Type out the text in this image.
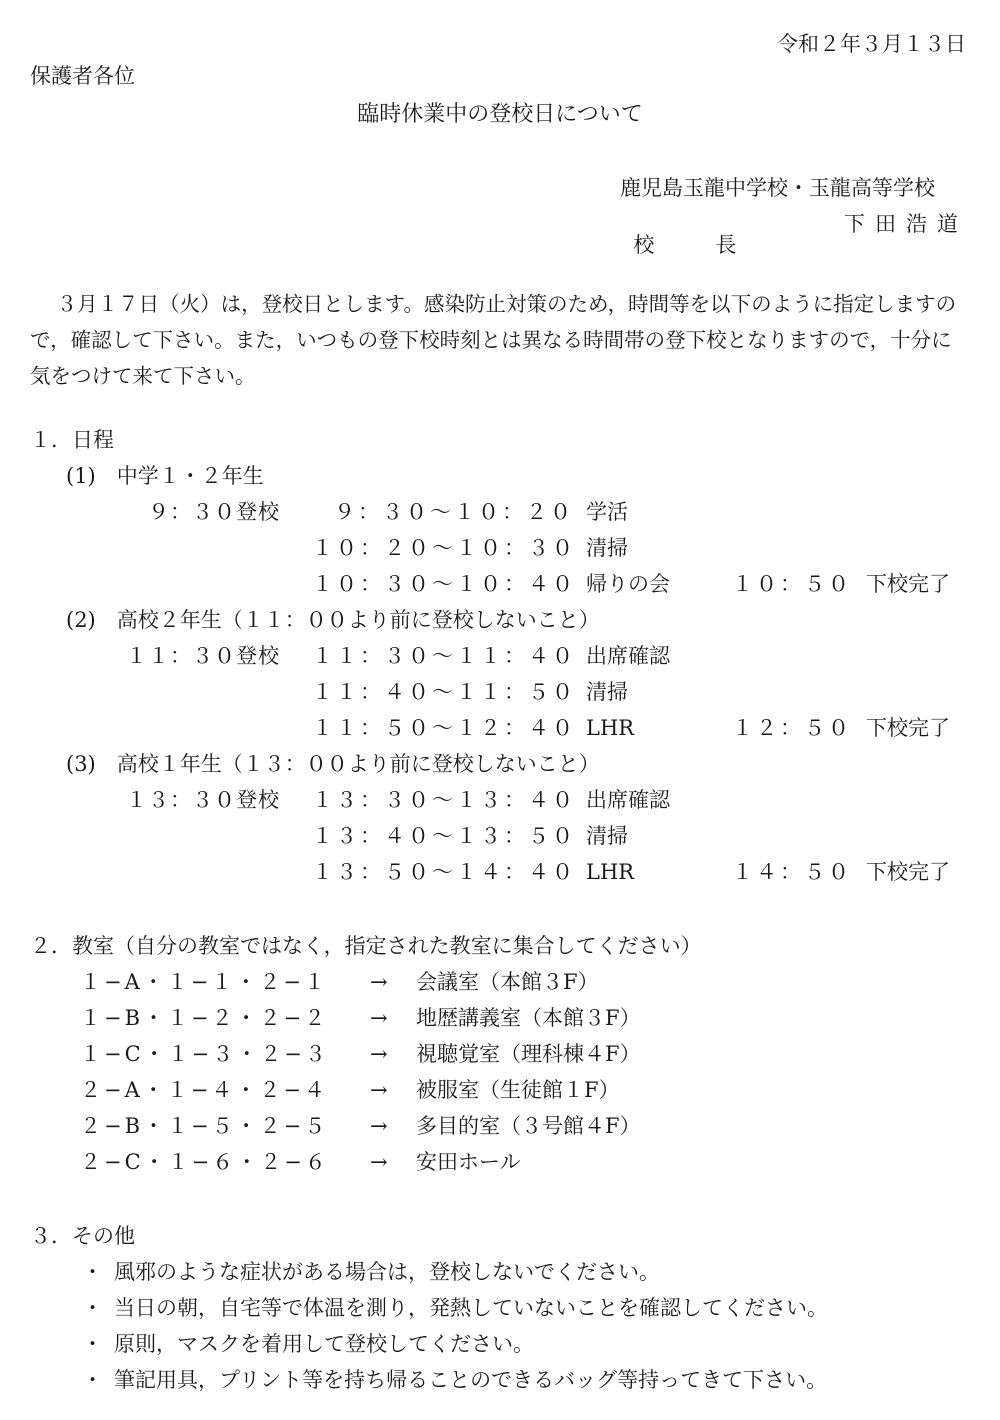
令和２年３月１３日
保護者各位
臨時休業中の登校日について
鹿児島玉龍中学校・玉龍高等学校

校　長

下田浩道

３月１７日（火）は，登校日とします。感染防止対策のため，時間等を以下のように指定しますので，確認して下さい。また，いつもの登下校時刻とは異なる時間帯の登下校となりますので，十分に気をつけて来て下さい。
１．日程
(1)　中学１・２年生
９：３０登校	９：３０〜１０：２０ 学活
１０：２０〜１０：３０ 清掃
１０：３０〜１０：４０ 帰りの会	１０：５０ 下校完了
(2)　高校２年生（１１：００より前に登校しないこと）
１１：３０登校 １１：３０〜１１：４０ 出席確認
１１：４０〜１１：５０ 清掃
１１：５０〜１２：４０ LHR	１２：５０ 下校完了
(3)　高校１年生（１３：００より前に登校しないこと）
１３：３０登校 １３：３０〜１３：４０ 出席確認
１３：４０〜１３：５０ 清掃
１３：５０〜１４：４０ LHR	１４：５０ 下校完了
２．教室（自分の教室ではなく，指定された教室に集合してください）
１−A・１−１・２−１ → 会議室（本館３F）
１−B・１−２・２−２ → 地歴講義室（本館３F）
１−C・１−３・２−３ → 視聴覚室（理科棟４F）
２−A・１−４・２−４ → 被服室（生徒館１F）
２−B・１−５・２−５ → 多目的室（３号館４F）
２−C・１−６・２−６ → 安田ホール
３．その他
・ 風邪のような症状がある場合は，登校しないでください。
・ 当日の朝，自宅等で体温を測り，発熱していないことを確認してください。
・ 原則，マスクを着用して登校してください。
・ 筆記用具，プリント等を持ち帰ることのできるバッグ等持ってきて下さい。
